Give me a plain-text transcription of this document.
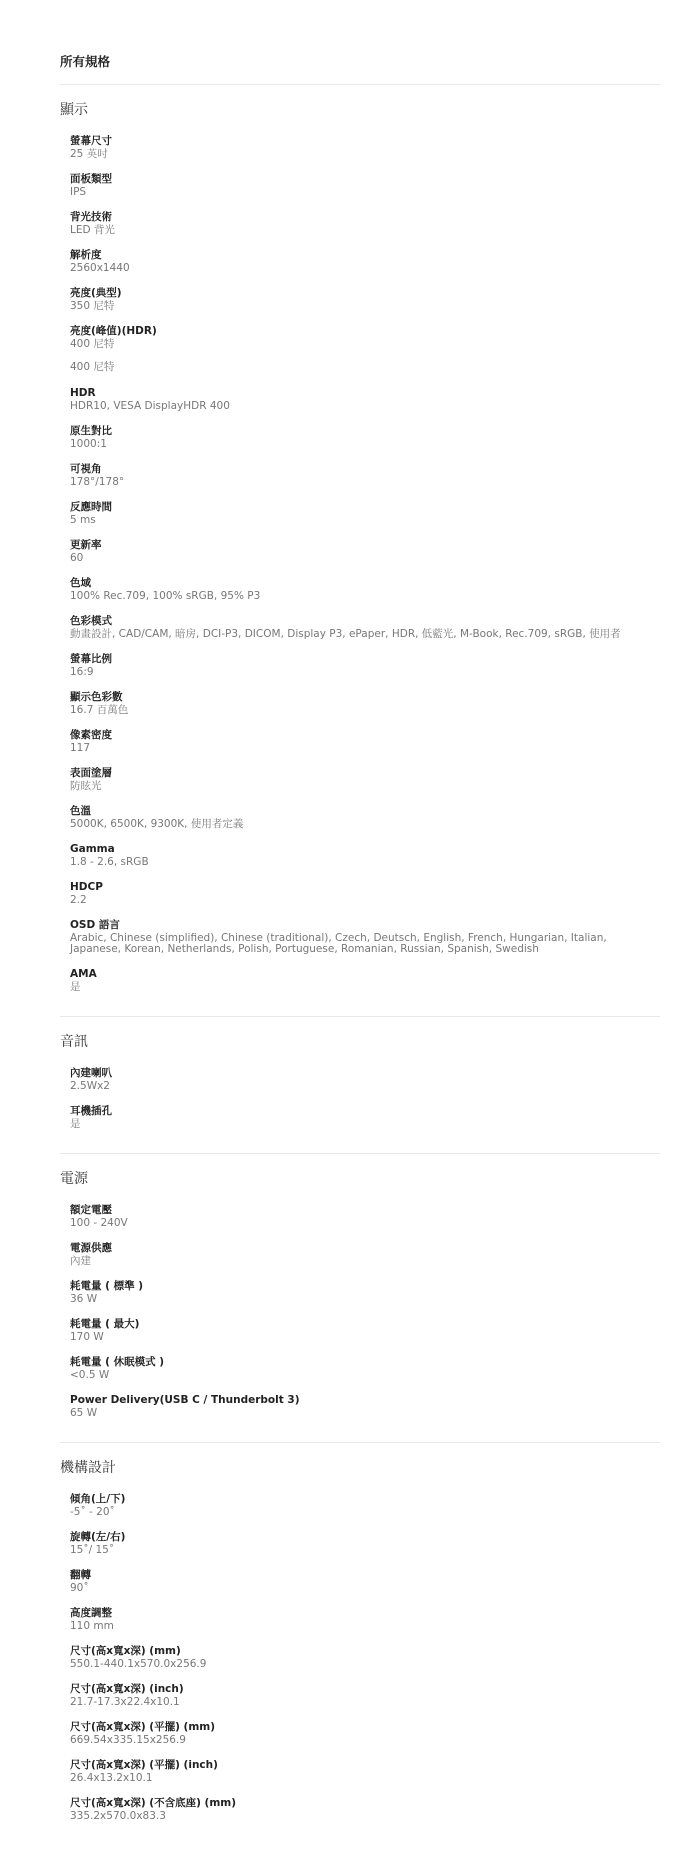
所有規格
顯示
螢幕尺寸
25 英吋
面板類型
IPS
背光技術
LED 背光
解析度
2560x1440
亮度(典型)
350 尼特
亮度(峰值)(HDR)
400 尼特
400 尼特
HDR
HDR10, VESA DisplayHDR 400
原生對比
1000:1
可視角
178°/178°
反應時間
5 ms
更新率
60
色域
100% Rec.709, 100% sRGB, 95% P3
色彩模式
動畫設計, CAD/CAM, 暗房, DCI-P3, DICOM, Display P3, ePaper, HDR, 低藍光, M-Book, Rec.709, sRGB, 使用者
螢幕比例
16:9
顯示色彩數
16.7 百萬色
像素密度
117
表面塗層
防眩光
色溫
5000K, 6500K, 9300K, 使用者定義
Gamma
1.8 - 2.6, sRGB
HDCP
2.2
OSD 語言
Arabic, Chinese (simplified), Chinese (traditional), Czech, Deutsch, English, French, Hungarian, Italian, Japanese, Korean, Netherlands, Polish, Portuguese, Romanian, Russian, Spanish, Swedish
AMA
是
音訊
內建喇叭
2.5Wx2
耳機插孔
是
電源
額定電壓
100 - 240V
電源供應
內建
耗電量 ( 標準 )
36 W
耗電量 ( 最大)
170 W
耗電量 ( 休眠模式 )
<0.5 W
Power Delivery(USB C / Thunderbolt 3)
65 W
機構設計
傾角(上/下)
-5˚ - 20˚
旋轉(左/右)
15˚/ 15˚
翻轉
90˚
高度調整
110 mm
尺寸(高x寬x深) (mm)
550.1-440.1x570.0x256.9
尺寸(高x寬x深) (inch)
21.7-17.3x22.4x10.1
尺寸(高x寬x深) (平擺) (mm)
669.54x335.15x256.9
尺寸(高x寬x深) (平擺) (inch)
26.4x13.2x10.1
尺寸(高x寬x深) (不含底座) (mm)
335.2x570.0x83.3
